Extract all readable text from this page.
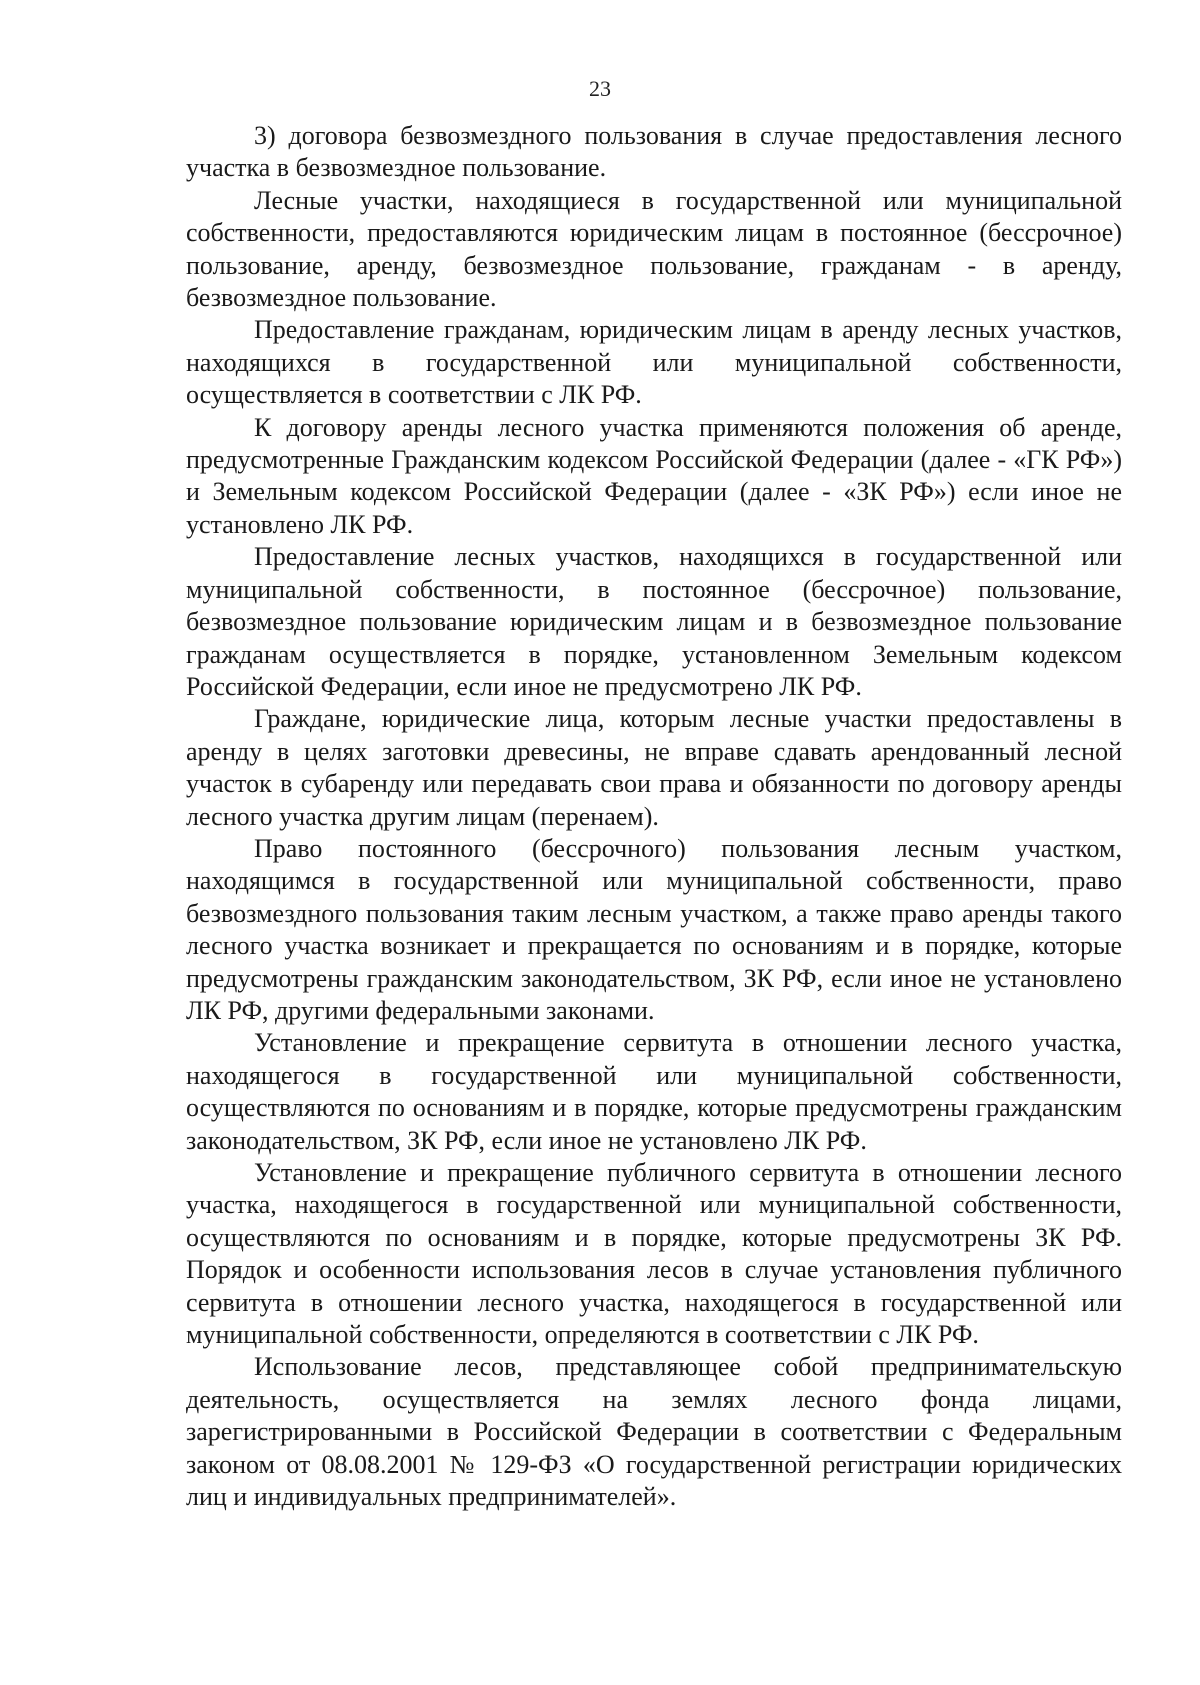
23

3) договора безвозмездного пользования в случае предоставления лесного участка в безвозмездное пользование.

Лесные участки, находящиеся в государственной или муниципальной собственности, предоставляются юридическим лицам в постоянное (бессрочное) пользование, аренду, безвозмездное пользование, гражданам - в аренду, безвозмездное пользование.

Предоставление гражданам, юридическим лицам в аренду лесных участков, находящихся в государственной или муниципальной собственности, осуществляется в соответствии с ЛК РФ.

К договору аренды лесного участка применяются положения об аренде, предусмотренные Гражданским кодексом Российской Федерации (далее - «ГК РФ») и Земельным кодексом Российской Федерации (далее - «ЗК РФ») если иное не установлено ЛК РФ.

Предоставление лесных участков, находящихся в государственной или муниципальной собственности, в постоянное (бессрочное) пользование, безвозмездное пользование юридическим лицам и в безвозмездное пользование гражданам осуществляется в порядке, установленном Земельным кодексом Российской Федерации, если иное не предусмотрено ЛК РФ.

Граждане, юридические лица, которым лесные участки предоставлены в аренду в целях заготовки древесины, не вправе сдавать арендованный лесной участок в субаренду или передавать свои права и обязанности по договору аренды лесного участка другим лицам (перенаем).

Право постоянного (бессрочного) пользования лесным участком, находящимся в государственной или муниципальной собственности, право безвозмездного пользования таким лесным участком, а также право аренды такого лесного участка возникает и прекращается по основаниям и в порядке, которые предусмотрены гражданским законодательством, ЗК РФ, если иное не установлено ЛК РФ, другими федеральными законами.

Установление и прекращение сервитута в отношении лесного участка, находящегося в государственной или муниципальной собственности, осуществляются по основаниям и в порядке, которые предусмотрены гражданским законодательством, ЗК РФ, если иное не установлено ЛК РФ.

Установление и прекращение публичного сервитута в отношении лесного участка, находящегося в государственной или муниципальной собственности, осуществляются по основаниям и в порядке, которые предусмотрены ЗК РФ. Порядок и особенности использования лесов в случае установления публичного сервитута в отношении лесного участка, находящегося в государственной или муниципальной собственности, определяются в соответствии с ЛК РФ.

Использование лесов, представляющее собой предпринимательскую деятельность, осуществляется на землях лесного фонда лицами, зарегистрированными в Российской Федерации в соответствии с Федеральным законом от 08.08.2001 № 129-ФЗ «О государственной регистрации юридических лиц и индивидуальных предпринимателей».
